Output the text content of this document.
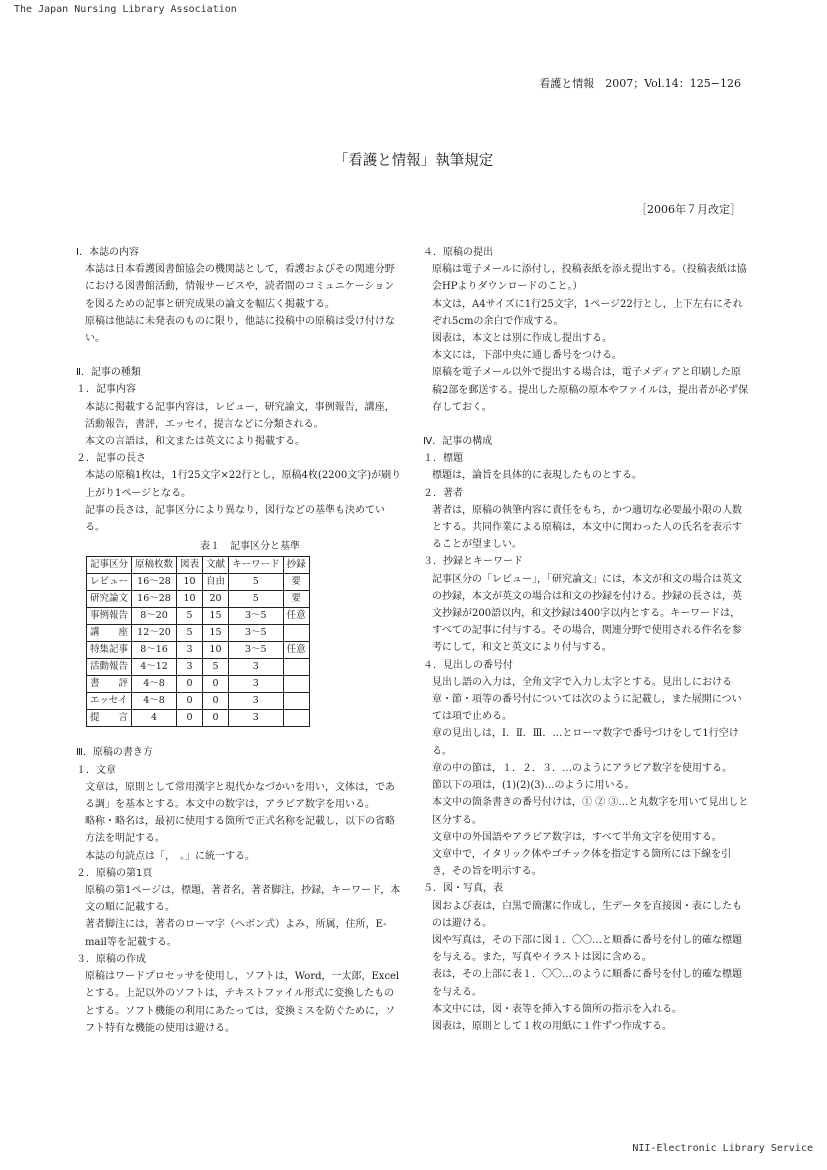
The Japan Nursing Library Association
看護と情報　2007；Vol.14：125−126
「看護と情報」執筆規定
［2006年７月改定］

Ⅰ．本誌の内容

本誌は日本看護図書館協会の機関誌として，看護およびその関連分野における図書館活動，情報サービスや，読者間のコミュニケーションを図るための記事と研究成果の論文を幅広く掲載する。

原稿は他誌に未発表のものに限り，他誌に投稿中の原稿は受け付けない。

Ⅱ．記事の種類

１．記事内容

本誌に掲載する記事内容は，レビュー，研究論文，事例報告，講座，活動報告，書評，エッセイ，提言などに分類される。

本文の言語は，和文または英文により掲載する。

２．記事の長さ

本誌の原稿1枚は，1行25文字×22行とし，原稿4枚(2200文字)が刷り上がり1ページとなる。

記事の長さは，記事区分により異なり，図行などの基準も決めている。

表１　記事区分と基準

記事区分	原稿枚数	図表	文献	キーワード	抄録
レビュー	16〜28	10	自由	5	要
研究論文	16〜28	10	20	5	要
事例報告	8〜20	5	15	3〜5	任意
講　　座	12〜20	5	15	3〜5	
特集記事	8〜16	3	10	3〜5	任意
活動報告	4〜12	3	5	3	
書　　評	4〜8	0	0	3	
エッセイ	4〜8	0	0	3	
提　　言	4	0	0	3	

Ⅲ．原稿の書き方

１．文章

文章は，原則として常用漢字と現代かなづかいを用い，文体は，である調」を基本とする。本文中の数字は，アラビア数字を用いる。

略称・略名は，最初に使用する箇所で正式名称を記載し，以下の省略方法を明記する。

本誌の句読点は「，　。」に統一する。

２．原稿の第1頁

原稿の第1ページは，標題，著者名，著者脚注，抄録，キーワード，本文の順に記載する。

著者脚注には，著者のローマ字（ヘボン式）よみ，所属，住所，E-mail等を記載する。

３．原稿の作成

原稿はワードプロセッサを使用し，ソフトは，Word，一太郎，Excelとする。上記以外のソフトは，テキストファイル形式に変換したものとする。ソフト機能の利用にあたっては，変換ミスを防ぐために，ソフト特有な機能の使用は避ける。

４．原稿の提出

原稿は電子メールに添付し，投稿表紙を添え提出する。（投稿表紙は協会HPよりダウンロードのこと。）

本文は，A4サイズに1行25文字，1ページ22行とし，上下左右にそれぞれ5cmの余白で作成する。

図表は，本文とは別に作成し提出する。

本文には，下部中央に通し番号をつける。

原稿を電子メール以外で提出する場合は，電子メディアと印刷した原稿2部を郵送する。提出した原稿の原本やファイルは，提出者が必ず保存しておく。

Ⅳ．記事の構成

１．標題

標題は，論旨を具体的に表現したものとする。

２．著者

著者は，原稿の執筆内容に責任をもち，かつ適切な必要最小限の人数とする。共同作業による原稿は，本文中に関わった人の氏名を表示することが望ましい。

３．抄録とキーワード

記事区分の「レビュー」，「研究論文」には，本文が和文の場合は英文の抄録，本文が英文の場合は和文の抄録を付ける。抄録の長さは，英文抄録が200語以内，和文抄録は400字以内とする。キーワードは，すべての記事に付与する。その場合，関連分野で使用される件名を参考にして，和文と英文により付与する。

４．見出しの番号付

見出し語の入力は，全角文字で入力し太字とする。見出しにおける章・節・項等の番号付については次のように記載し，また展開については項で止める。

章の見出しは，Ⅰ．Ⅱ．Ⅲ．…とローマ数字で番号づけをして1行空ける。

章の中の節は，１．２．３．…のようにアラビア数字を使用する。

節以下の項は，(1)(2)(3)…のように用いる。

本文中の箇条書きの番号付けは，① ② ③…と丸数字を用いて見出しと区分する。

文章中の外国語やアラビア数字は，すべて半角文字を使用する。

文章中で，イタリック体やゴチック体を指定する箇所には下線を引き，その旨を明示する。

５．図・写真，表

図および表は，白黒で簡潔に作成し，生データを直接図・表にしたものは避ける。

図や写真は，その下部に図１．〇〇…と順番に番号を付し的確な標題を与える。また，写真やイラストは図に含める。

表は，その上部に表１．〇〇…のように順番に番号を付し的確な標題を与える。

本文中には，図・表等を挿入する箇所の指示を入れる。

図表は，原則として１枚の用紙に１件ずつ作成する。

NII-Electronic Library Service
